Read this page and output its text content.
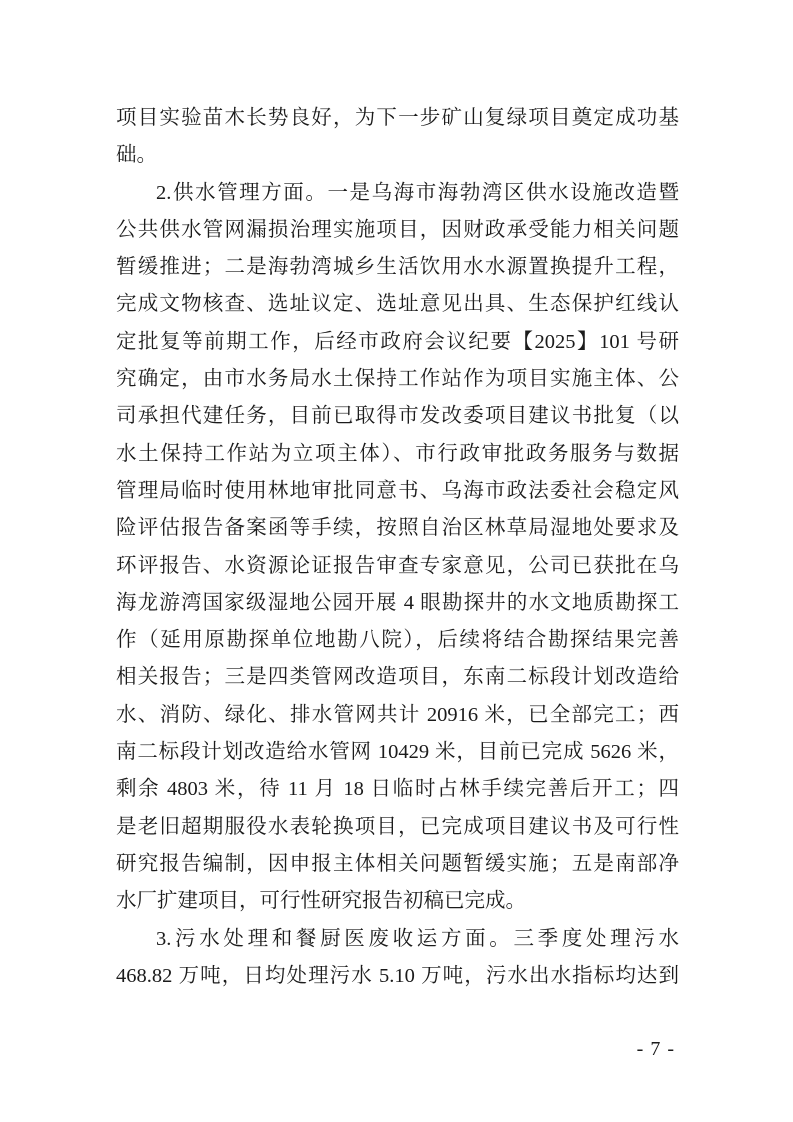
项目实验苗木长势良好，为下一步矿山复绿项目奠定成功基
础。
2.供水管理方面。一是乌海市海勃湾区供水设施改造暨
公共供水管网漏损治理实施项目，因财政承受能力相关问题
暂缓推进；二是海勃湾城乡生活饮用水水源置换提升工程，
完成文物核查、选址议定、选址意见出具、生态保护红线认
定批复等前期工作，后经市政府会议纪要【2025】101 号研
究确定，由市水务局水土保持工作站作为项目实施主体、公
司承担代建任务，目前已取得市发改委项目建议书批复（以
水土保持工作站为立项主体）、市行政审批政务服务与数据
管理局临时使用林地审批同意书、乌海市政法委社会稳定风
险评估报告备案函等手续，按照自治区林草局湿地处要求及
环评报告、水资源论证报告审查专家意见，公司已获批在乌
海龙游湾国家级湿地公园开展 4 眼勘探井的水文地质勘探工
作（延用原勘探单位地勘八院），后续将结合勘探结果完善
相关报告；三是四类管网改造项目，东南二标段计划改造给
水、消防、绿化、排水管网共计 20916 米，已全部完工；西
南二标段计划改造给水管网 10429 米，目前已完成 5626 米，
剩余 4803 米，待 11 月 18 日临时占林手续完善后开工；四
是老旧超期服役水表轮换项目，已完成项目建议书及可行性
研究报告编制，因申报主体相关问题暂缓实施；五是南部净
水厂扩建项目，可行性研究报告初稿已完成。
3.污水处理和餐厨医废收运方面。三季度处理污水
468.82 万吨，日均处理污水 5.10 万吨，污水出水指标均达到
- 7 -
